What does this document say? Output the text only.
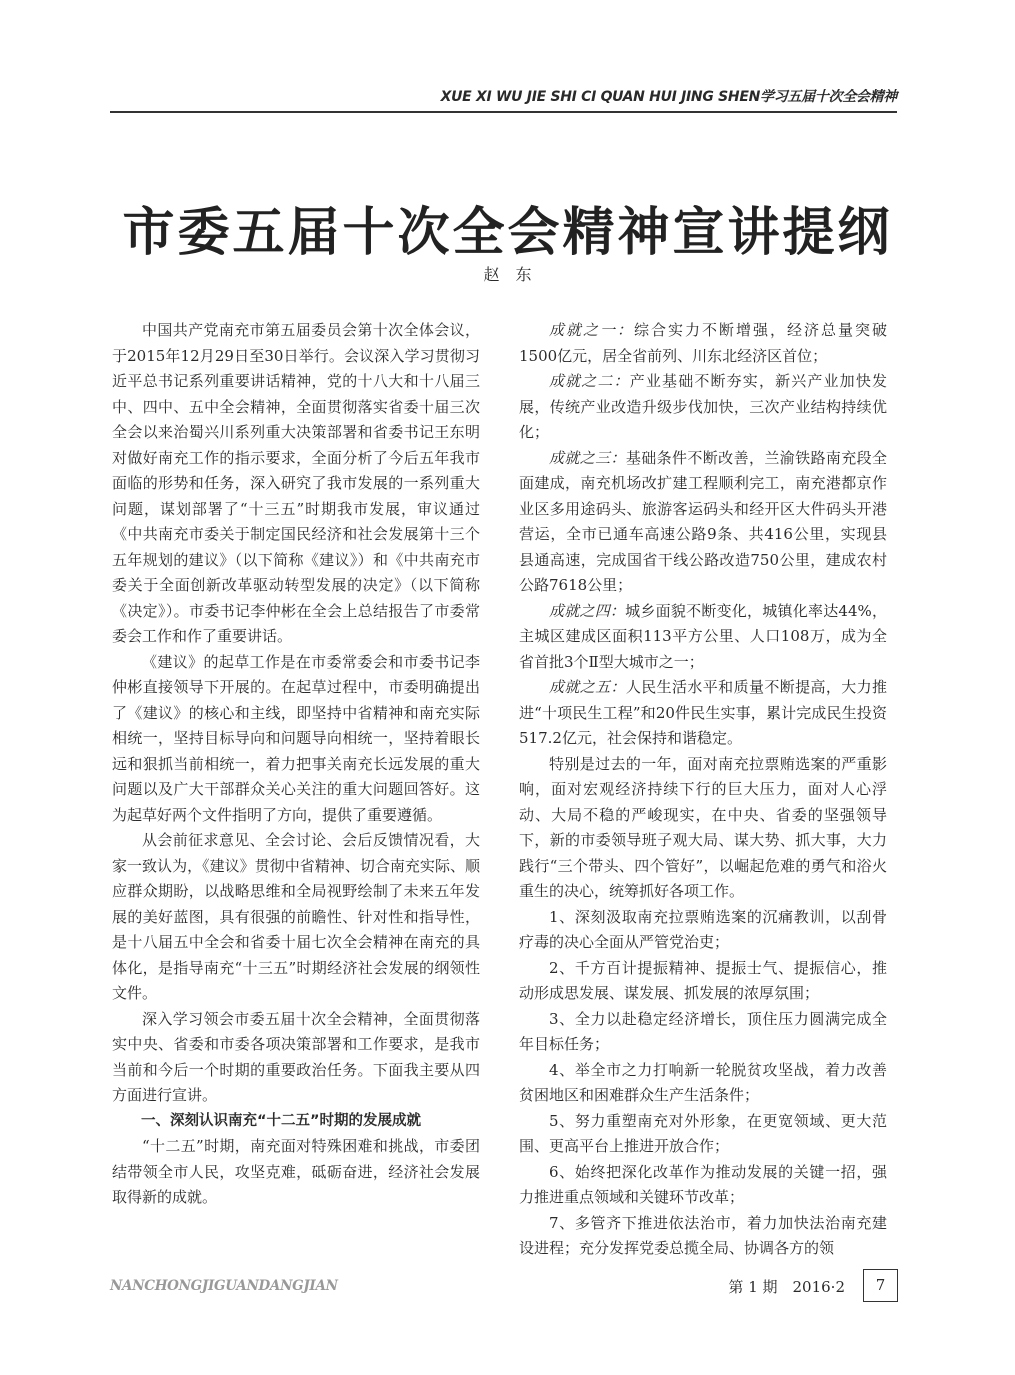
XUE XI WU JIE SHI CI QUAN HUI JING SHEN学习五届十次全会精神
市委五届十次全会精神宣讲提纲
赵　东

中国共产党南充市第五届委员会第十次全体会议，于2015年12月29日至30日举行。会议深入学习贯彻习近平总书记系列重要讲话精神，党的十八大和十八届三中、四中、五中全会精神，全面贯彻落实省委十届三次全会以来治蜀兴川系列重大决策部署和省委书记王东明对做好南充工作的指示要求，全面分析了今后五年我市面临的形势和任务，深入研究了我市发展的一系列重大问题，谋划部署了“十三五”时期我市发展，审议通过《中共南充市委关于制定国民经济和社会发展第十三个五年规划的建议》（以下简称《建议》）和《中共南充市委关于全面创新改革驱动转型发展的决定》（以下简称《决定》）。市委书记李仲彬在全会上总结报告了市委常委会工作和作了重要讲话。

《建议》的起草工作是在市委常委会和市委书记李仲彬直接领导下开展的。在起草过程中，市委明确提出了《建议》的核心和主线，即坚持中省精神和南充实际相统一，坚持目标导向和问题导向相统一，坚持着眼长远和狠抓当前相统一，着力把事关南充长远发展的重大问题以及广大干部群众关心关注的重大问题回答好。这为起草好两个文件指明了方向，提供了重要遵循。

从会前征求意见、全会讨论、会后反馈情况看，大家一致认为，《建议》贯彻中省精神、切合南充实际、顺应群众期盼，以战略思维和全局视野绘制了未来五年发展的美好蓝图，具有很强的前瞻性、针对性和指导性，是十八届五中全会和省委十届七次全会精神在南充的具体化，是指导南充“十三五”时期经济社会发展的纲领性文件。

深入学习领会市委五届十次全会精神，全面贯彻落实中央、省委和市委各项决策部署和工作要求，是我市当前和今后一个时期的重要政治任务。下面我主要从四方面进行宣讲。

一、深刻认识南充“十二五”时期的发展成就

“十二五”时期，南充面对特殊困难和挑战，市委团结带领全市人民，攻坚克难，砥砺奋进，经济社会发展取得新的成就。

成就之一：综合实力不断增强，经济总量突破1500亿元，居全省前列、川东北经济区首位；

成就之二：产业基础不断夯实，新兴产业加快发展，传统产业改造升级步伐加快，三次产业结构持续优化；

成就之三：基础条件不断改善，兰渝铁路南充段全面建成，南充机场改扩建工程顺利完工，南充港都京作业区多用途码头、旅游客运码头和经开区大件码头开港营运，全市已通车高速公路9条、共416公里，实现县县通高速，完成国省干线公路改造750公里，建成农村公路7618公里；

成就之四：城乡面貌不断变化，城镇化率达44%，主城区建成区面积113平方公里、人口108万，成为全省首批3个Ⅱ型大城市之一；

成就之五：人民生活水平和质量不断提高，大力推进“十项民生工程”和20件民生实事，累计完成民生投资517.2亿元，社会保持和谐稳定。

特别是过去的一年，面对南充拉票贿选案的严重影响，面对宏观经济持续下行的巨大压力，面对人心浮动、大局不稳的严峻现实，在中央、省委的坚强领导下，新的市委领导班子观大局、谋大势、抓大事，大力践行“三个带头、四个管好”，以崛起危难的勇气和浴火重生的决心，统筹抓好各项工作。

1、深刻汲取南充拉票贿选案的沉痛教训，以刮骨疗毒的决心全面从严管党治吏；

2、千方百计提振精神、提振士气、提振信心，推动形成思发展、谋发展、抓发展的浓厚氛围；

3、全力以赴稳定经济增长，顶住压力圆满完成全年目标任务；

4、举全市之力打响新一轮脱贫攻坚战，着力改善贫困地区和困难群众生产生活条件；

5、努力重塑南充对外形象，在更宽领域、更大范围、更高平台上推进开放合作；

6、始终把深化改革作为推动发展的关键一招，强力推进重点领域和关键环节改革；

7、多管齐下推进依法治市，着力加快法治南充建设进程；充分发挥党委总揽全局、协调各方的领

NANCHONGJIGUANDANGJIAN	第 1 期　2016·2	7
